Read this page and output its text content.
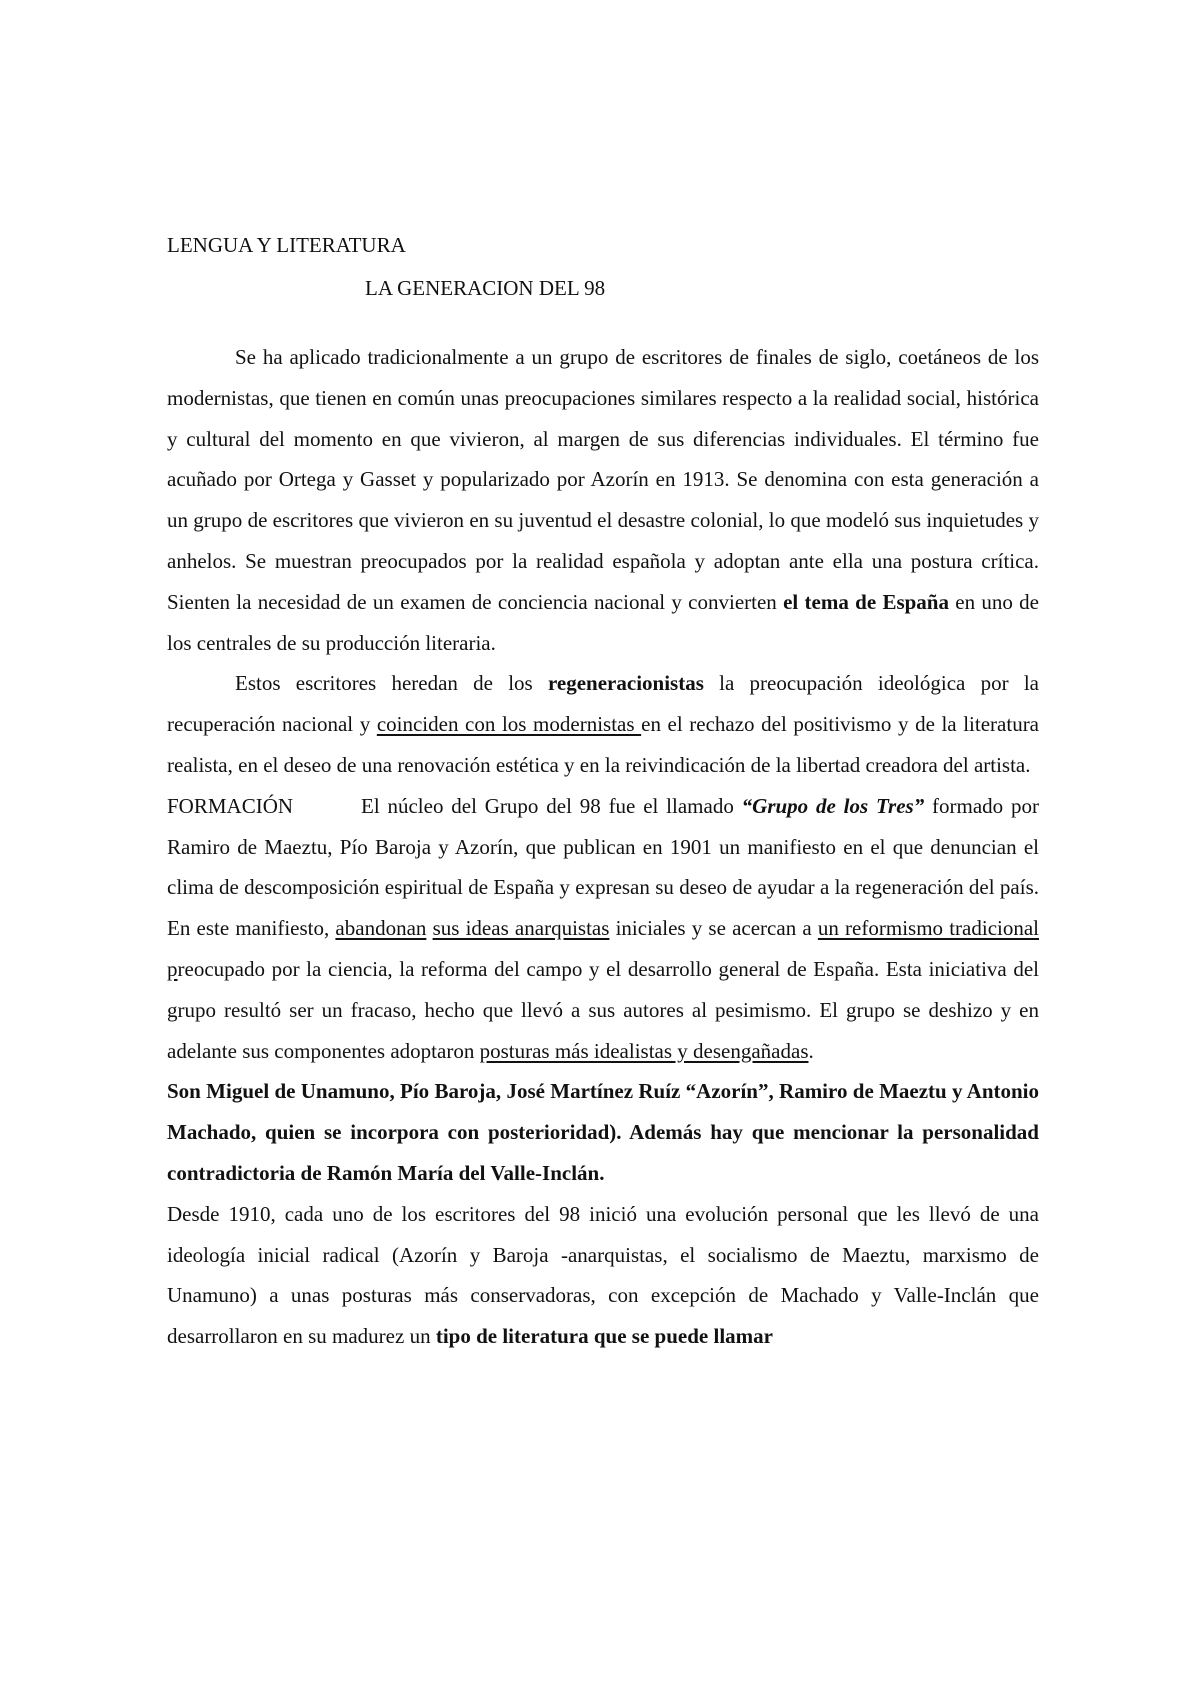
LENGUA Y LITERATURA
LA GENERACION DEL 98

Se ha aplicado tradicionalmente a un grupo de escritores de finales de siglo, coetáneos de los modernistas, que tienen en común unas preocupaciones similares respecto a la realidad social, histórica y cultural del momento en que vivieron, al margen de sus diferencias individuales. El término fue acuñado por Ortega y Gasset y popularizado por Azorín en 1913. Se denomina con esta generación a un grupo de escritores que vivieron en su juventud el desastre colonial, lo que modeló sus inquietudes y anhelos. Se muestran preocupados por la realidad española y adoptan ante ella una postura crítica. Sienten la necesidad de un examen de conciencia nacional y convierten el tema de España en uno de los centrales de su producción literaria.

Estos escritores heredan de los regeneracionistas la preocupación ideológica por la recuperación nacional y coinciden con los modernistas en el rechazo del positivismo y de la literatura realista, en el deseo de una renovación estética y en la reivindicación de la libertad creadora del artista.

FORMACIÓN	El núcleo del Grupo del 98 fue el llamado “Grupo de los Tres” formado por Ramiro de Maeztu, Pío Baroja y Azorín, que publican en 1901 un manifiesto en el que denuncian el clima de descomposición espiritual de España y expresan su deseo de ayudar a la regeneración del país. En este manifiesto, abandonan sus ideas anarquistas iniciales y se acercan a un reformismo tradicional preocupado por la ciencia, la reforma del campo y el desarrollo general de España. Esta iniciativa del grupo resultó ser un fracaso, hecho que llevó a sus autores al pesimismo. El grupo se deshizo y en adelante sus componentes adoptaron posturas más idealistas y desengañadas.

Son Miguel de Unamuno, Pío Baroja, José Martínez Ruíz “Azorín”, Ramiro de Maeztu y Antonio Machado, quien se incorpora con posterioridad). Además hay que mencionar la personalidad contradictoria de Ramón María del Valle-Inclán.

Desde 1910, cada uno de los escritores del 98 inició una evolución personal que les llevó de una ideología inicial radical (Azorín y Baroja -anarquistas, el socialismo de Maeztu, marxismo de Unamuno) a unas posturas más conservadoras, con excepción de Machado y Valle-Inclán que desarrollaron en su madurez un tipo de literatura que se puede llamar
